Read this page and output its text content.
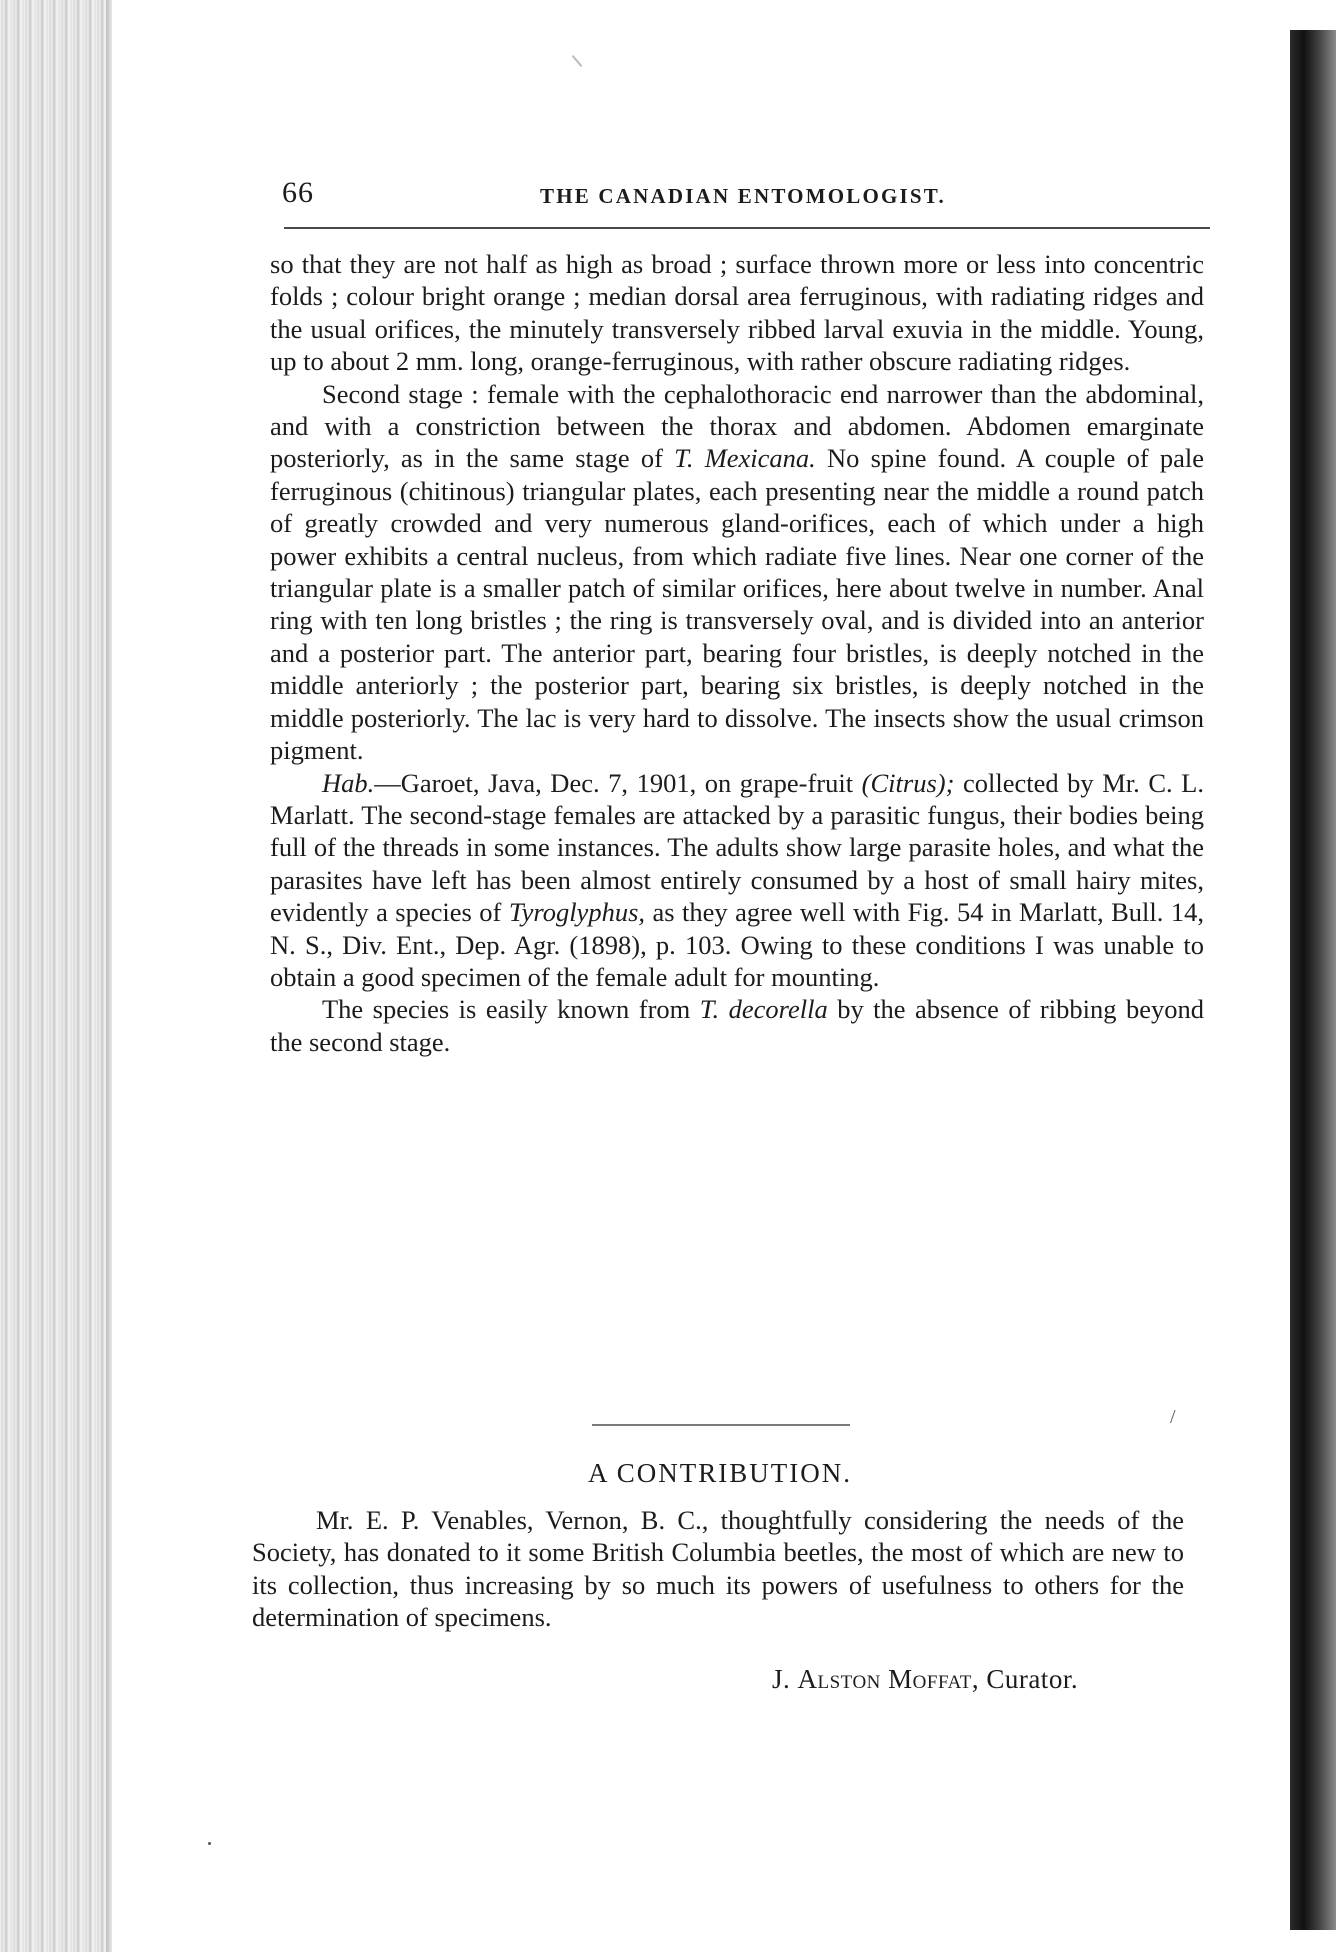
66	THE CANADIAN ENTOMOLOGIST.

so that they are not half as high as broad ; surface thrown more or less into concentric folds ; colour bright orange ; median dorsal area ferruginous, with radiating ridges and the usual orifices, the minutely transversely ribbed larval exuvia in the middle. Young, up to about 2 mm. long, orange-ferruginous, with rather obscure radiating ridges.

Second stage : female with the cephalothoracic end narrower than the abdominal, and with a constriction between the thorax and abdomen. Abdomen emarginate posteriorly, as in the same stage of T. Mexicana. No spine found. A couple of pale ferruginous (chitinous) triangular plates, each presenting near the middle a round patch of greatly crowded and very numerous gland-orifices, each of which under a high power exhibits a central nucleus, from which radiate five lines. Near one corner of the triangular plate is a smaller patch of similar orifices, here about twelve in number. Anal ring with ten long bristles ; the ring is transversely oval, and is divided into an anterior and a posterior part. The anterior part, bearing four bristles, is deeply notched in the middle anteriorly ; the posterior part, bearing six bristles, is deeply notched in the middle posteriorly. The lac is very hard to dissolve. The insects show the usual crimson pigment.

Hab.—Garoet, Java, Dec. 7, 1901, on grape-fruit (Citrus); collected by Mr. C. L. Marlatt. The second-stage females are attacked by a parasitic fungus, their bodies being full of the threads in some instances. The adults show large parasite holes, and what the parasites have left has been almost entirely consumed by a host of small hairy mites, evidently a species of Tyroglyphus, as they agree well with Fig. 54 in Marlatt, Bull. 14, N. S., Div. Ent., Dep. Agr. (1898), p. 103. Owing to these conditions I was unable to obtain a good specimen of the female adult for mounting.

The species is easily known from T. decorella by the absence of ribbing beyond the second stage.

/
A CONTRIBUTION.

Mr. E. P. Venables, Vernon, B. C., thoughtfully considering the needs of the Society, has donated to it some British Columbia beetles, the most of which are new to its collection, thus increasing by so much its powers of usefulness to others for the determination of specimens.

J. Alston Moffat, Curator.
